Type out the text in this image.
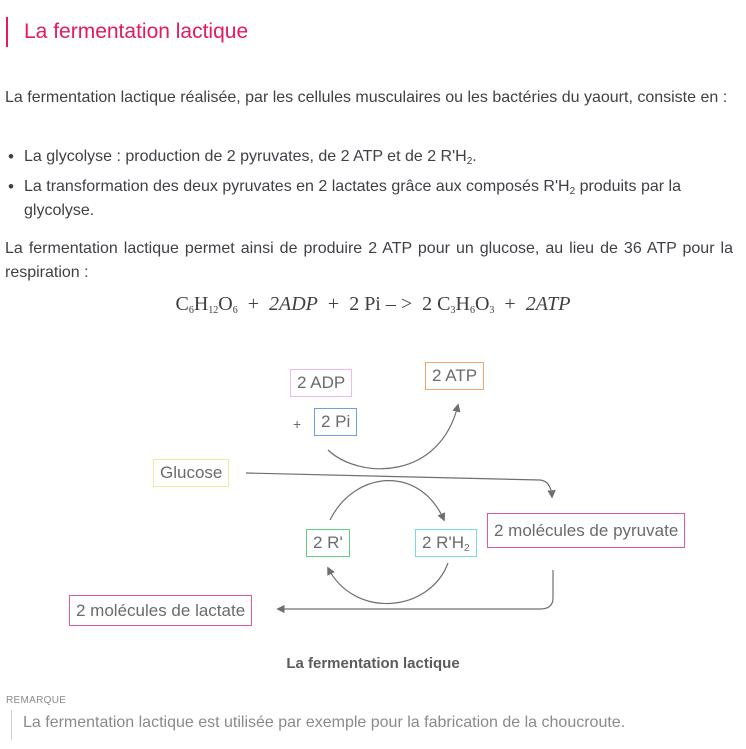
La fermentation lactique

La fermentation lactique réalisée, par les cellules musculaires ou les bactéries du yaourt, consiste en :

• La glycolyse : production de 2 pyruvates, de 2 ATP et de 2 $R'H_2$.
• La transformation des deux pyruvates en 2 lactates grâce aux composés $R'H_2$ produits par la glycolyse.

La fermentation lactique permet ainsi de produire 2 ATP pour un glucose, au lieu de 36 ATP pour la respiration :

$C_6H_{12}O_6 + 2ADP + 2$ Pi – > 2 $C_3H_6O_3 + 2ATP$
2 ADP
+	2 Pi
2 ATP
Glucose
2 R'	2 $R'H_2$
2 molécules de pyruvate
2 molécules de lactate
La fermentation lactique
REMARQUE
La fermentation lactique est utilisée par exemple pour la fabrication de la choucroute.
